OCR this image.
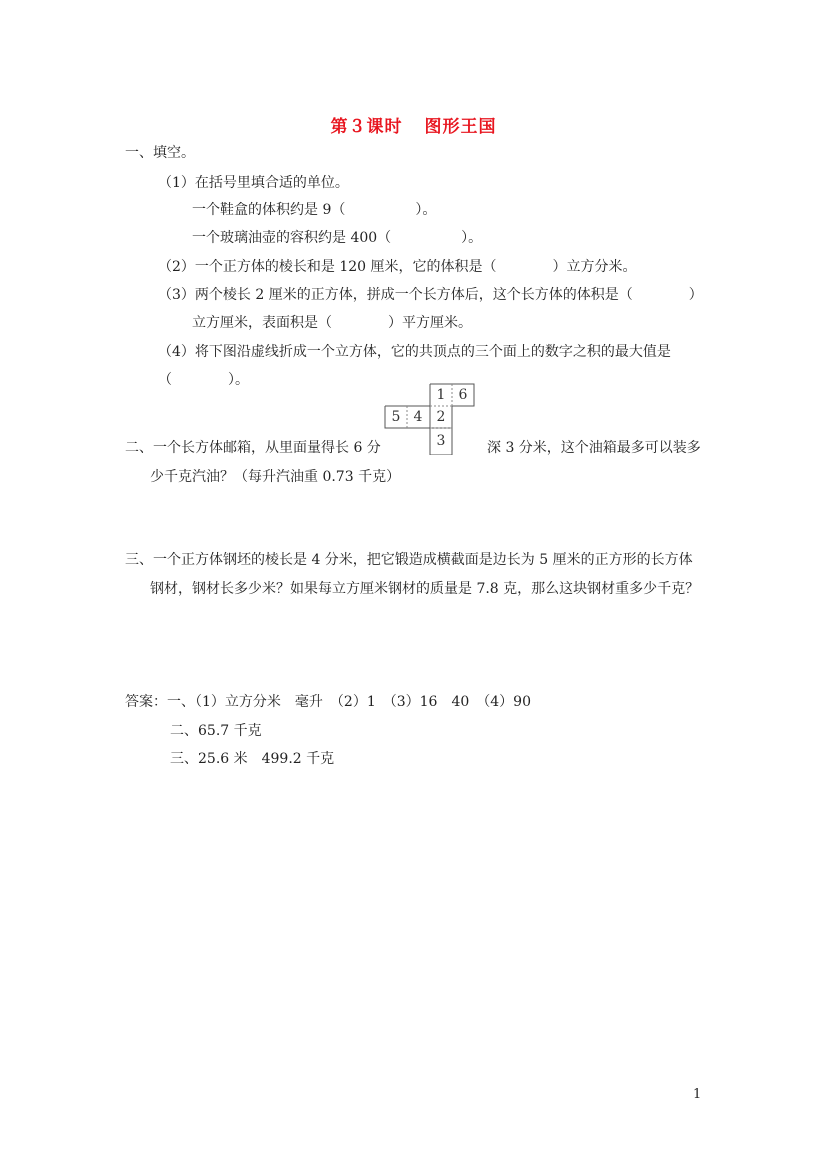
第３课时 图形王国
一、填空。
（1）在括号里填合适的单位。
一个鞋盒的体积约是 9（　　　　　）。
一个玻璃油壶的容积约是 400（　　　　　）。
（2）一个正方体的棱长和是 120 厘米，它的体积是（　　　　）立方分米。
（3）两个棱长 2 厘米的正方体，拼成一个长方体后，这个长方体的体积是（　　　　）
立方厘米，表面积是（　　　　）平方厘米。
（4）将下图沿虚线折成一个立方体，它的共顶点的三个面上的数字之积的最大值是
（　　　　）。
1 6
5 4	2
3
二、一个长方体邮箱，从里面量得长 6 分	深 3 分米，这个油箱最多可以装多
少千克汽油？（每升汽油重 0.73 千克）
三、一个正方体钢坯的棱长是 4 分米，把它锻造成横截面是边长为 5 厘米的正方形的长方体
钢材，钢材长多少米？如果每立方厘米钢材的质量是 7.8 克，那么这块钢材重多少千克？
答案：一、（1）立方分米　毫升　（2）1　（3）16　40　（4）90
二、65.7 千克
三、25.6 米　499.2 千克
1
